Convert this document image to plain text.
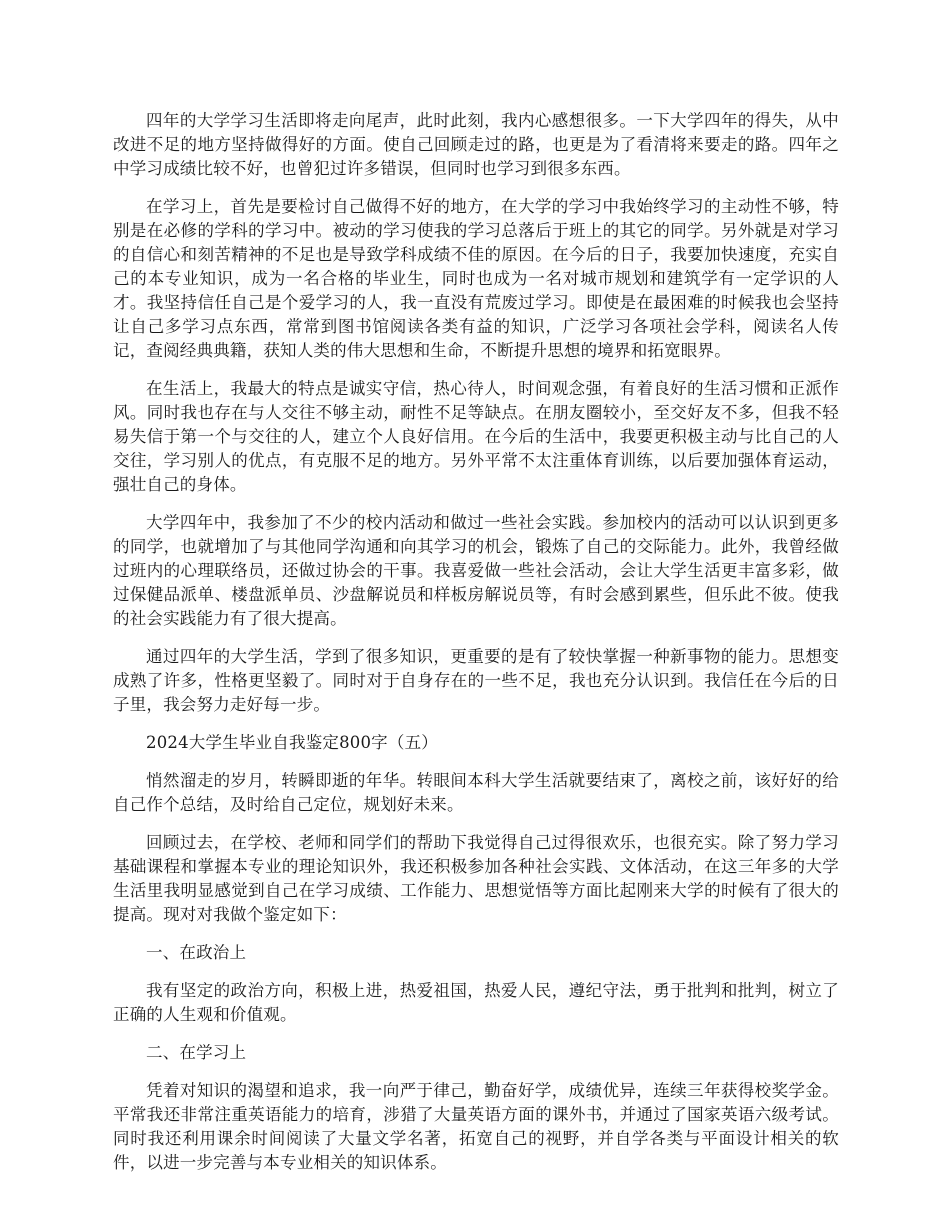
四年的大学学习生活即将走向尾声，此时此刻，我内心感想很多。一下大学四年的得失，从中改进不足的地方坚持做得好的方面。使自己回顾走过的路，也更是为了看清将来要走的路。四年之中学习成绩比较不好，也曾犯过许多错误，但同时也学习到很多东西。

在学习上，首先是要检讨自己做得不好的地方，在大学的学习中我始终学习的主动性不够，特别是在必修的学科的学习中。被动的学习使我的学习总落后于班上的其它的同学。另外就是对学习的自信心和刻苦精神的不足也是导致学科成绩不佳的原因。在今后的日子，我要加快速度，充实自己的本专业知识，成为一名合格的毕业生，同时也成为一名对城市规划和建筑学有一定学识的人才。我坚持信任自己是个爱学习的人，我一直没有荒废过学习。即使是在最困难的时候我也会坚持让自己多学习点东西，常常到图书馆阅读各类有益的知识，广泛学习各项社会学科，阅读名人传记，查阅经典典籍，获知人类的伟大思想和生命，不断提升思想的境界和拓宽眼界。

在生活上，我最大的特点是诚实守信，热心待人，时间观念强，有着良好的生活习惯和正派作风。同时我也存在与人交往不够主动，耐性不足等缺点。在朋友圈较小，至交好友不多，但我不轻易失信于第一个与交往的人，建立个人良好信用。在今后的生活中，我要更积极主动与比自己的人交往，学习别人的优点，有克服不足的地方。另外平常不太注重体育训练，以后要加强体育运动，强壮自己的身体。

大学四年中，我参加了不少的校内活动和做过一些社会实践。参加校内的活动可以认识到更多的同学，也就增加了与其他同学沟通和向其学习的机会，锻炼了自己的交际能力。此外，我曾经做过班内的心理联络员，还做过协会的干事。我喜爱做一些社会活动，会让大学生活更丰富多彩，做过保健品派单、楼盘派单员、沙盘解说员和样板房解说员等，有时会感到累些，但乐此不彼。使我的社会实践能力有了很大提高。

通过四年的大学生活，学到了很多知识，更重要的是有了较快掌握一种新事物的能力。思想变成熟了许多，性格更坚毅了。同时对于自身存在的一些不足，我也充分认识到。我信任在今后的日子里，我会努力走好每一步。

2024大学生毕业自我鉴定800字（五）

悄然溜走的岁月，转瞬即逝的年华。转眼间本科大学生活就要结束了，离校之前，该好好的给自己作个总结，及时给自己定位，规划好未来。

回顾过去，在学校、老师和同学们的帮助下我觉得自己过得很欢乐，也很充实。除了努力学习基础课程和掌握本专业的理论知识外，我还积极参加各种社会实践、文体活动，在这三年多的大学生活里我明显感觉到自己在学习成绩、工作能力、思想觉悟等方面比起刚来大学的时候有了很大的提高。现对对我做个鉴定如下：

一、在政治上

我有坚定的政治方向，积极上进，热爱祖国，热爱人民，遵纪守法，勇于批判和批判，树立了正确的人生观和价值观。

二、在学习上

凭着对知识的渴望和追求，我一向严于律己，勤奋好学，成绩优异，连续三年获得校奖学金。平常我还非常注重英语能力的培育，涉猎了大量英语方面的课外书，并通过了国家英语六级考试。同时我还利用课余时间阅读了大量文学名著，拓宽自己的视野，并自学各类与平面设计相关的软件，以进一步完善与本专业相关的知识体系。
